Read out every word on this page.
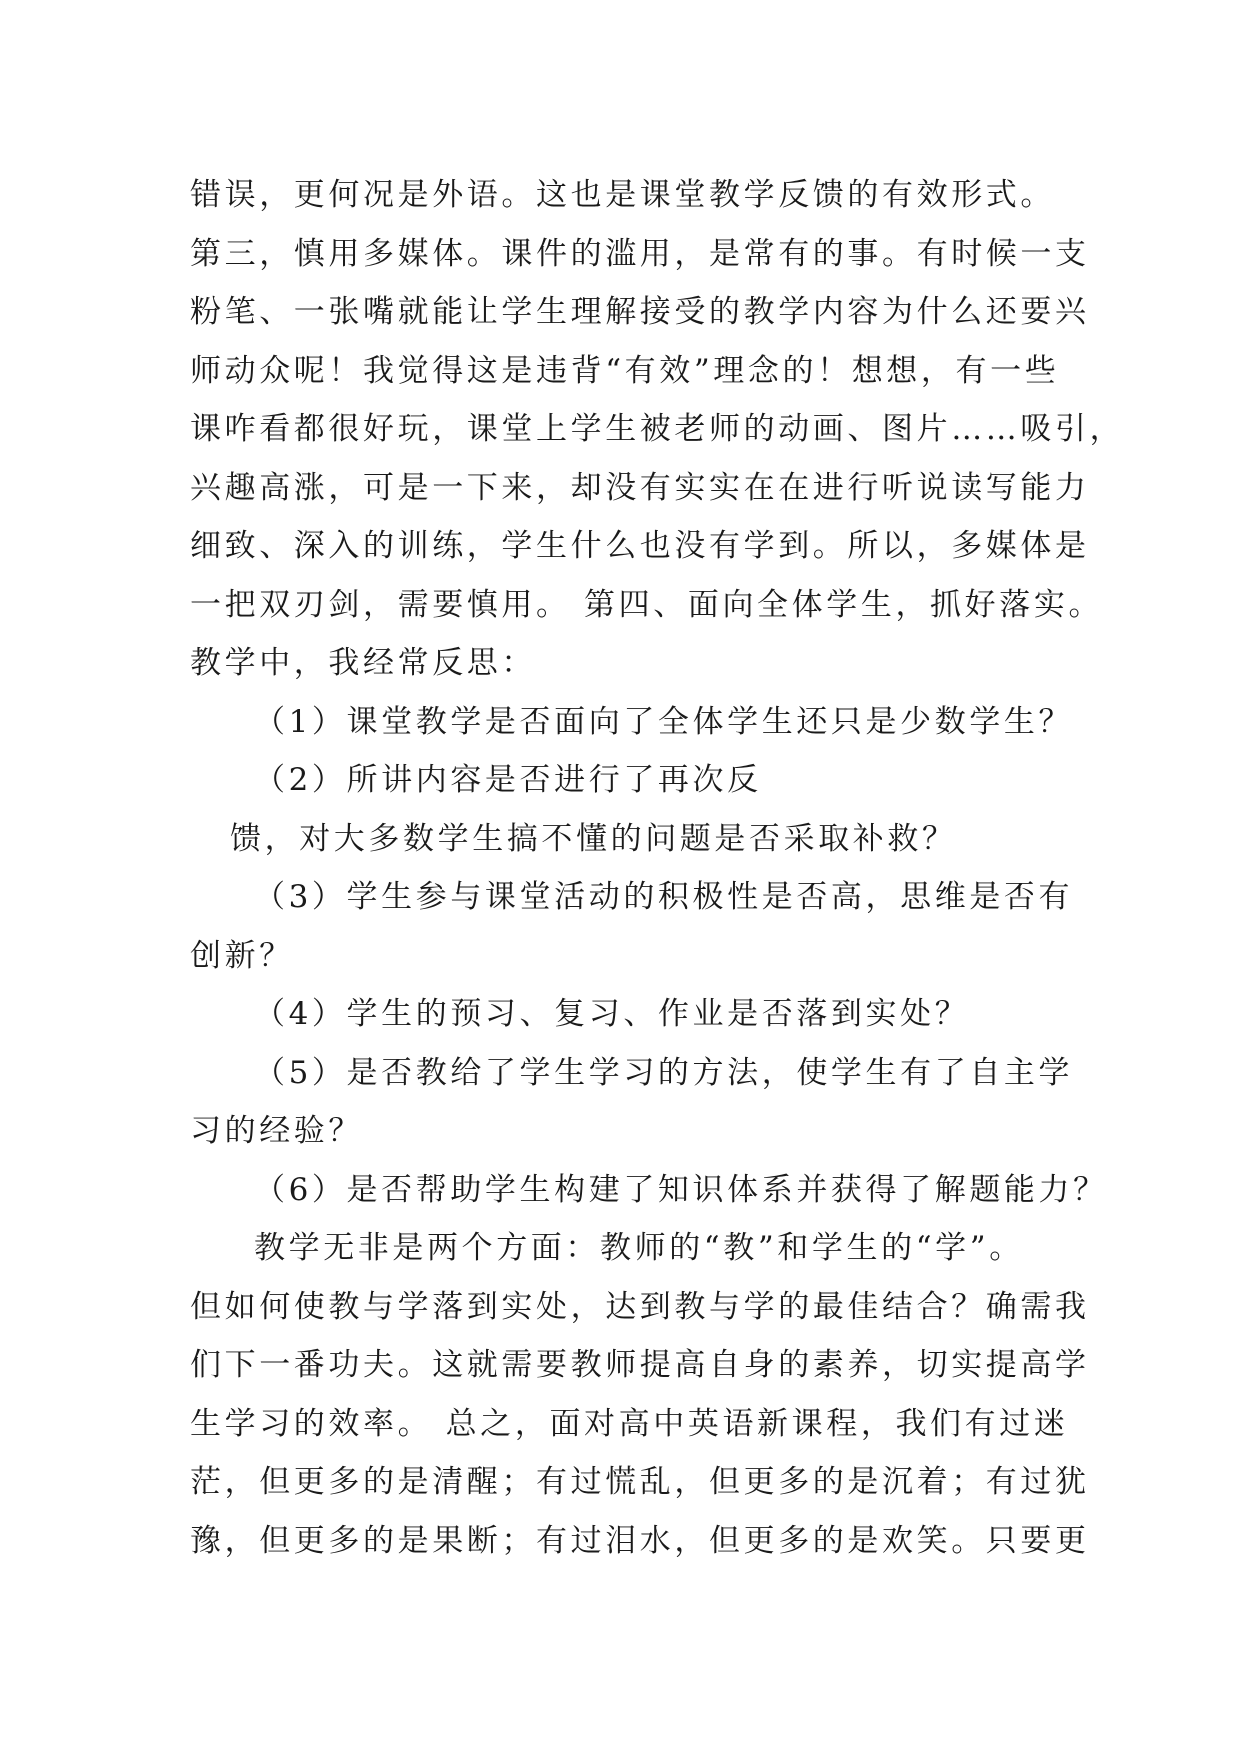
错误，更何况是外语。这也是课堂教学反馈的有效形式。
第三，慎用多媒体。课件的滥用，是常有的事。有时候一支
粉笔、一张嘴就能让学生理解接受的教学内容为什么还要兴
师动众呢！我觉得这是违背“有效”理念的！想想，有一些
课咋看都很好玩，课堂上学生被老师的动画、图片……吸引，
兴趣高涨，可是一下来，却没有实实在在进行听说读写能力
细致、深入的训练，学生什么也没有学到。所以，多媒体是
一把双刃剑，需要慎用。 第四、面向全体学生，抓好落实。
教学中，我经常反思：
（1）课堂教学是否面向了全体学生还只是少数学生？
（2）所讲内容是否进行了再次反
馈，对大多数学生搞不懂的问题是否采取补救？
（3）学生参与课堂活动的积极性是否高，思维是否有
创新？
（4）学生的预习、复习、作业是否落到实处？
（5）是否教给了学生学习的方法，使学生有了自主学
习的经验？
（6）是否帮助学生构建了知识体系并获得了解题能力？
教学无非是两个方面：教师的“教”和学生的“学”。
但如何使教与学落到实处，达到教与学的最佳结合？确需我
们下一番功夫。这就需要教师提高自身的素养，切实提高学
生学习的效率。 总之，面对高中英语新课程，我们有过迷
茫，但更多的是清醒；有过慌乱，但更多的是沉着；有过犹
豫，但更多的是果断；有过泪水，但更多的是欢笑。只要更
